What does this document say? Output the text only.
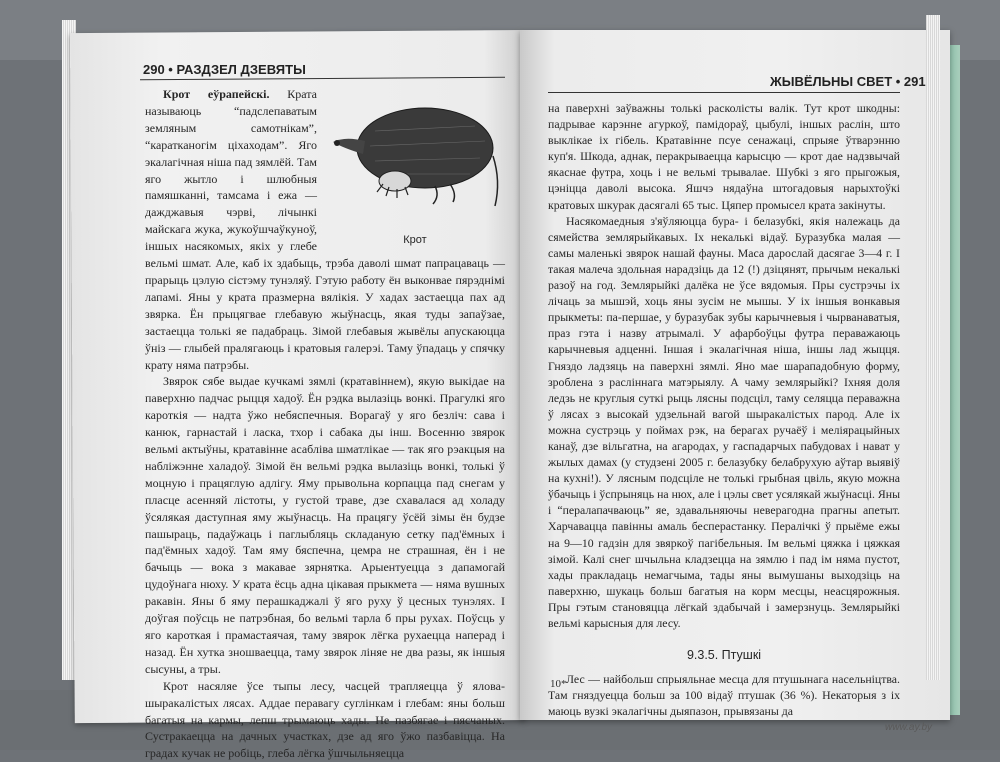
290 • РАЗДЗЕЛ ДЗЕВЯТЫ
ЖЫВЁЛЬНЫ СВЕТ • 291
Крот

Крот еўрапейскі. Крата называюць “падслепаватым земляным самотнікам”, “каратканогім ціхаходам”. Яго экалагічная ніша пад зямлёй. Там яго жытло і шлюбныя памяшканні, тамсама і ежа — дажджавыя чэрві, лічынкі майскага жука, жукоўшчаўкуноў, іншых насякомых, якіх у глебе вельмі шмат. Але, каб іх здабыць, трэба даволі шмат папрацаваць — прарыць цэлую сістэму тунэляў. Гэтую работу ён выконвае пярэднімі лапамі. Яны у крата празмерна вялікія. У хадах застаецца пах ад звярка. Ён прыцягвае глебавую жыўнасць, якая туды запаўзае, застаецца толькі яе падабраць. Зімой глебавыя жывёлы апускаюцца ўніз — глыбей пралягаюць і кратовыя галерэі. Таму ўпадаць у спячку крату няма патрэбы.

Звярок сябе выдае кучкамі зямлі (кратавіннем), якую выкідае на паверхню падчас рыцця хадоў. Ён рэдка вылазіць вонкі. Прагулкі яго кароткія — надта ўжо небяспечныя. Ворагаў у яго безліч: сава і канюк, гарнастай і ласка, тхор і сабака ды інш. Восенню звярок вельмі актыўны, кратавінне асабліва шматлікае — так яго рэакцыя на набліжэнне халадоў. Зімой ён вельмі рэдка вылазіць вонкі, толькі ў моцную і працяглую адлігу. Яму прывольна корпацца пад снегам у пласце асенняй лістоты, у густой траве, дзе схавалася ад холаду ўсялякая даступная яму жыўнасць. На працягу ўсёй зімы ён будзе пашыраць, падаўжаць і паглыбляць складаную сетку пад'ёмных і пад'ёмных хадоў. Там яму бяспечна, цемра не страшная, ён і не бачыць — вока з макавае зярнятка. Арыентуецца з дапамогай цудоўнага нюху. У крата ёсць адна цікавая прыкмета — няма вушных ракавін. Яны б яму перашкаджалі ў яго руху ў цесных тунэлях. І доўгая поўсць не патрэбная, бо вельмі тарла б пры рухах. Поўсць у яго кароткая і прамастаячая, таму звярок лёгка рухаецца наперад і назад. Ён хутка зношваецца, таму звярок ліняе не два разы, як іншыя сысуны, а тры.

Крот насяляе ўсе тыпы лесу, часцей трапляецца ў ялова-шыракалістых лясах. Аддае перавагу суглінкам і глебам: яны больш багатыя на кармы, лепш трымаюць хады. Не пазбягае і пясчаных. Сустракаецца на дачных участках, дзе ад яго ўжо пазбавіцца. На градах кучак не робіць, глеба лёгка ўшчыльняецца

на паверхні заўважны толькі расколісты валік. Тут крот шкодны: падрывае карэнне агуркоў, памідораў, цыбулі, іншых раслін, што выклікае іх гібель. Кратавінне псуе сенажаці, спрыяе ўтварэнню куп'я. Шкода, аднак, перакрываецца карысцю — крот дае надзвычай якаснае футра, хоць і не вельмі трывалае. Шубкі з яго прыгожыя, цэніцца даволі высока. Яшчэ нядаўна штогадовыя нарыхтоўкі кратовых шкурак дасягалі 65 тыс. Цяпер промысел крата закінуты.

Насякомаедныя з'яўляюцца бура- і белазубкі, якія належаць да сямейства землярыйкавых. Іх некалькі відаў. Буразубка малая — самы маленькі звярок нашай фауны. Маса дарослай дасягае 3—4 г. І такая малеча здольная нарадзіць да 12 (!) дзіцянят, прычым некалькі разоў на год. Землярыйкі далёка не ўсе вядомыя. Пры сустрэчы іх лічаць за мышэй, хоць яны зусім не мышы. У іх іншыя вонкавыя прыкметы: па-першае, у буразубак зубы карычневыя і чырванаватыя, праз гэта і назву атрымалі. У афарбоўцы футра пераважаюць карычневыя адценні. Іншая і экалагічная ніша, іншы лад жыцця. Гняздо ладзяць на паверхні зямлі. Яно мае шарападобную форму, зроблена з расліннага матэрыялу. А чаму землярыйкі? Іхняя доля ледзь не круглыя суткі рыць лясны подсціл, таму селяцца пераважна ў лясах з высокай удзельнай вагой шыракалістых парод. Але іх можна сустрэць у поймах рэк, на берагах ручаёў і меліярацыйных канаў, дзе вільгатна, на агародах, у гаспадарчых пабудовах і нават у жылых дамах (у студзені 2005 г. белазубку белабрухую аўтар выявіў на кухні!). У лясным подсціле не толькі грыбная цвіль, якую можна ўбачыць і ўспрыняць на нюх, але і цэлы свет усялякай жыўнасці. Яны і “пералапачваюць” яе, здавальняючы неверагодна прагны апетыт. Харчавацца павінны амаль бесперастанку. Пералічкі ў прыёме ежы на 9—10 гадзін для звяркоў пагібельныя. Ім вельмі цяжка і цяжкая зімой. Калі снег шчыльна кладзецца на зямлю і пад ім няма пустот, хады пракладаць немагчыма, тады яны вымушаны выходзіць на паверхню, шукаць больш багатыя на корм месцы, неасцярожныя. Пры гэтым становяцца лёгкай здабычай і замерзнуць. Землярыйкі вельмі карысныя для лесу.

9.3.5. Птушкі

Лес — найбольш спрыяльнае месца для птушынага насельніцтва. Там гняздуецца больш за 100 відаў птушак (36 %). Некаторыя з іх маюць вузкі экалагічны дыяпазон, прывязаны да

10*
www.ay.by
